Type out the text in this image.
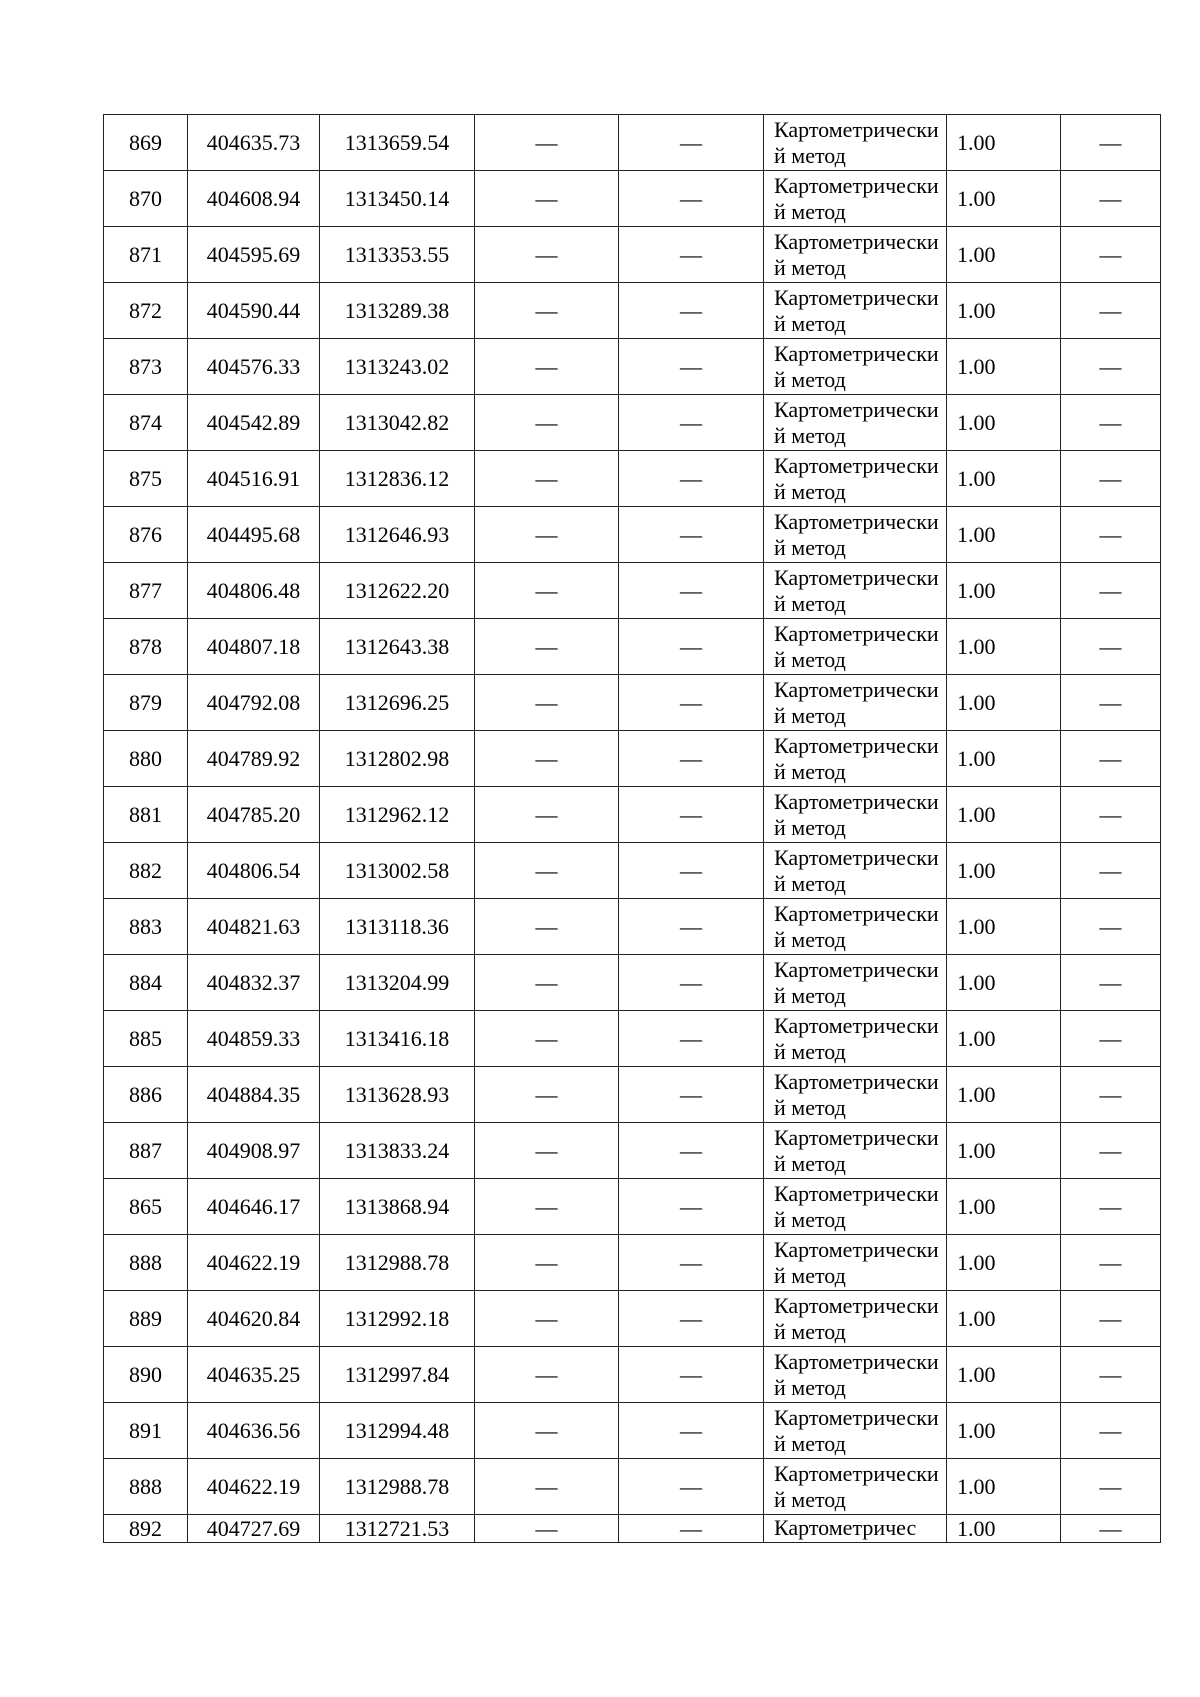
869	404635.73	1313659.54	—	—	Картометрический метод	1.00	—
870	404608.94	1313450.14	—	—	Картометрический метод	1.00	—
871	404595.69	1313353.55	—	—	Картометрический метод	1.00	—
872	404590.44	1313289.38	—	—	Картометрический метод	1.00	—
873	404576.33	1313243.02	—	—	Картометрический метод	1.00	—
874	404542.89	1313042.82	—	—	Картометрический метод	1.00	—
875	404516.91	1312836.12	—	—	Картометрический метод	1.00	—
876	404495.68	1312646.93	—	—	Картометрический метод	1.00	—
877	404806.48	1312622.20	—	—	Картометрический метод	1.00	—
878	404807.18	1312643.38	—	—	Картометрический метод	1.00	—
879	404792.08	1312696.25	—	—	Картометрический метод	1.00	—
880	404789.92	1312802.98	—	—	Картометрический метод	1.00	—
881	404785.20	1312962.12	—	—	Картометрический метод	1.00	—
882	404806.54	1313002.58	—	—	Картометрический метод	1.00	—
883	404821.63	1313118.36	—	—	Картометрический метод	1.00	—
884	404832.37	1313204.99	—	—	Картометрический метод	1.00	—
885	404859.33	1313416.18	—	—	Картометрический метод	1.00	—
886	404884.35	1313628.93	—	—	Картометрический метод	1.00	—
887	404908.97	1313833.24	—	—	Картометрический метод	1.00	—
865	404646.17	1313868.94	—	—	Картометрический метод	1.00	—
888	404622.19	1312988.78	—	—	Картометрический метод	1.00	—
889	404620.84	1312992.18	—	—	Картометрический метод	1.00	—
890	404635.25	1312997.84	—	—	Картометрический метод	1.00	—
891	404636.56	1312994.48	—	—	Картометрический метод	1.00	—
888	404622.19	1312988.78	—	—	Картометрический метод	1.00	—
892	404727.69	1312721.53	—	—	Картометричес	1.00	—
